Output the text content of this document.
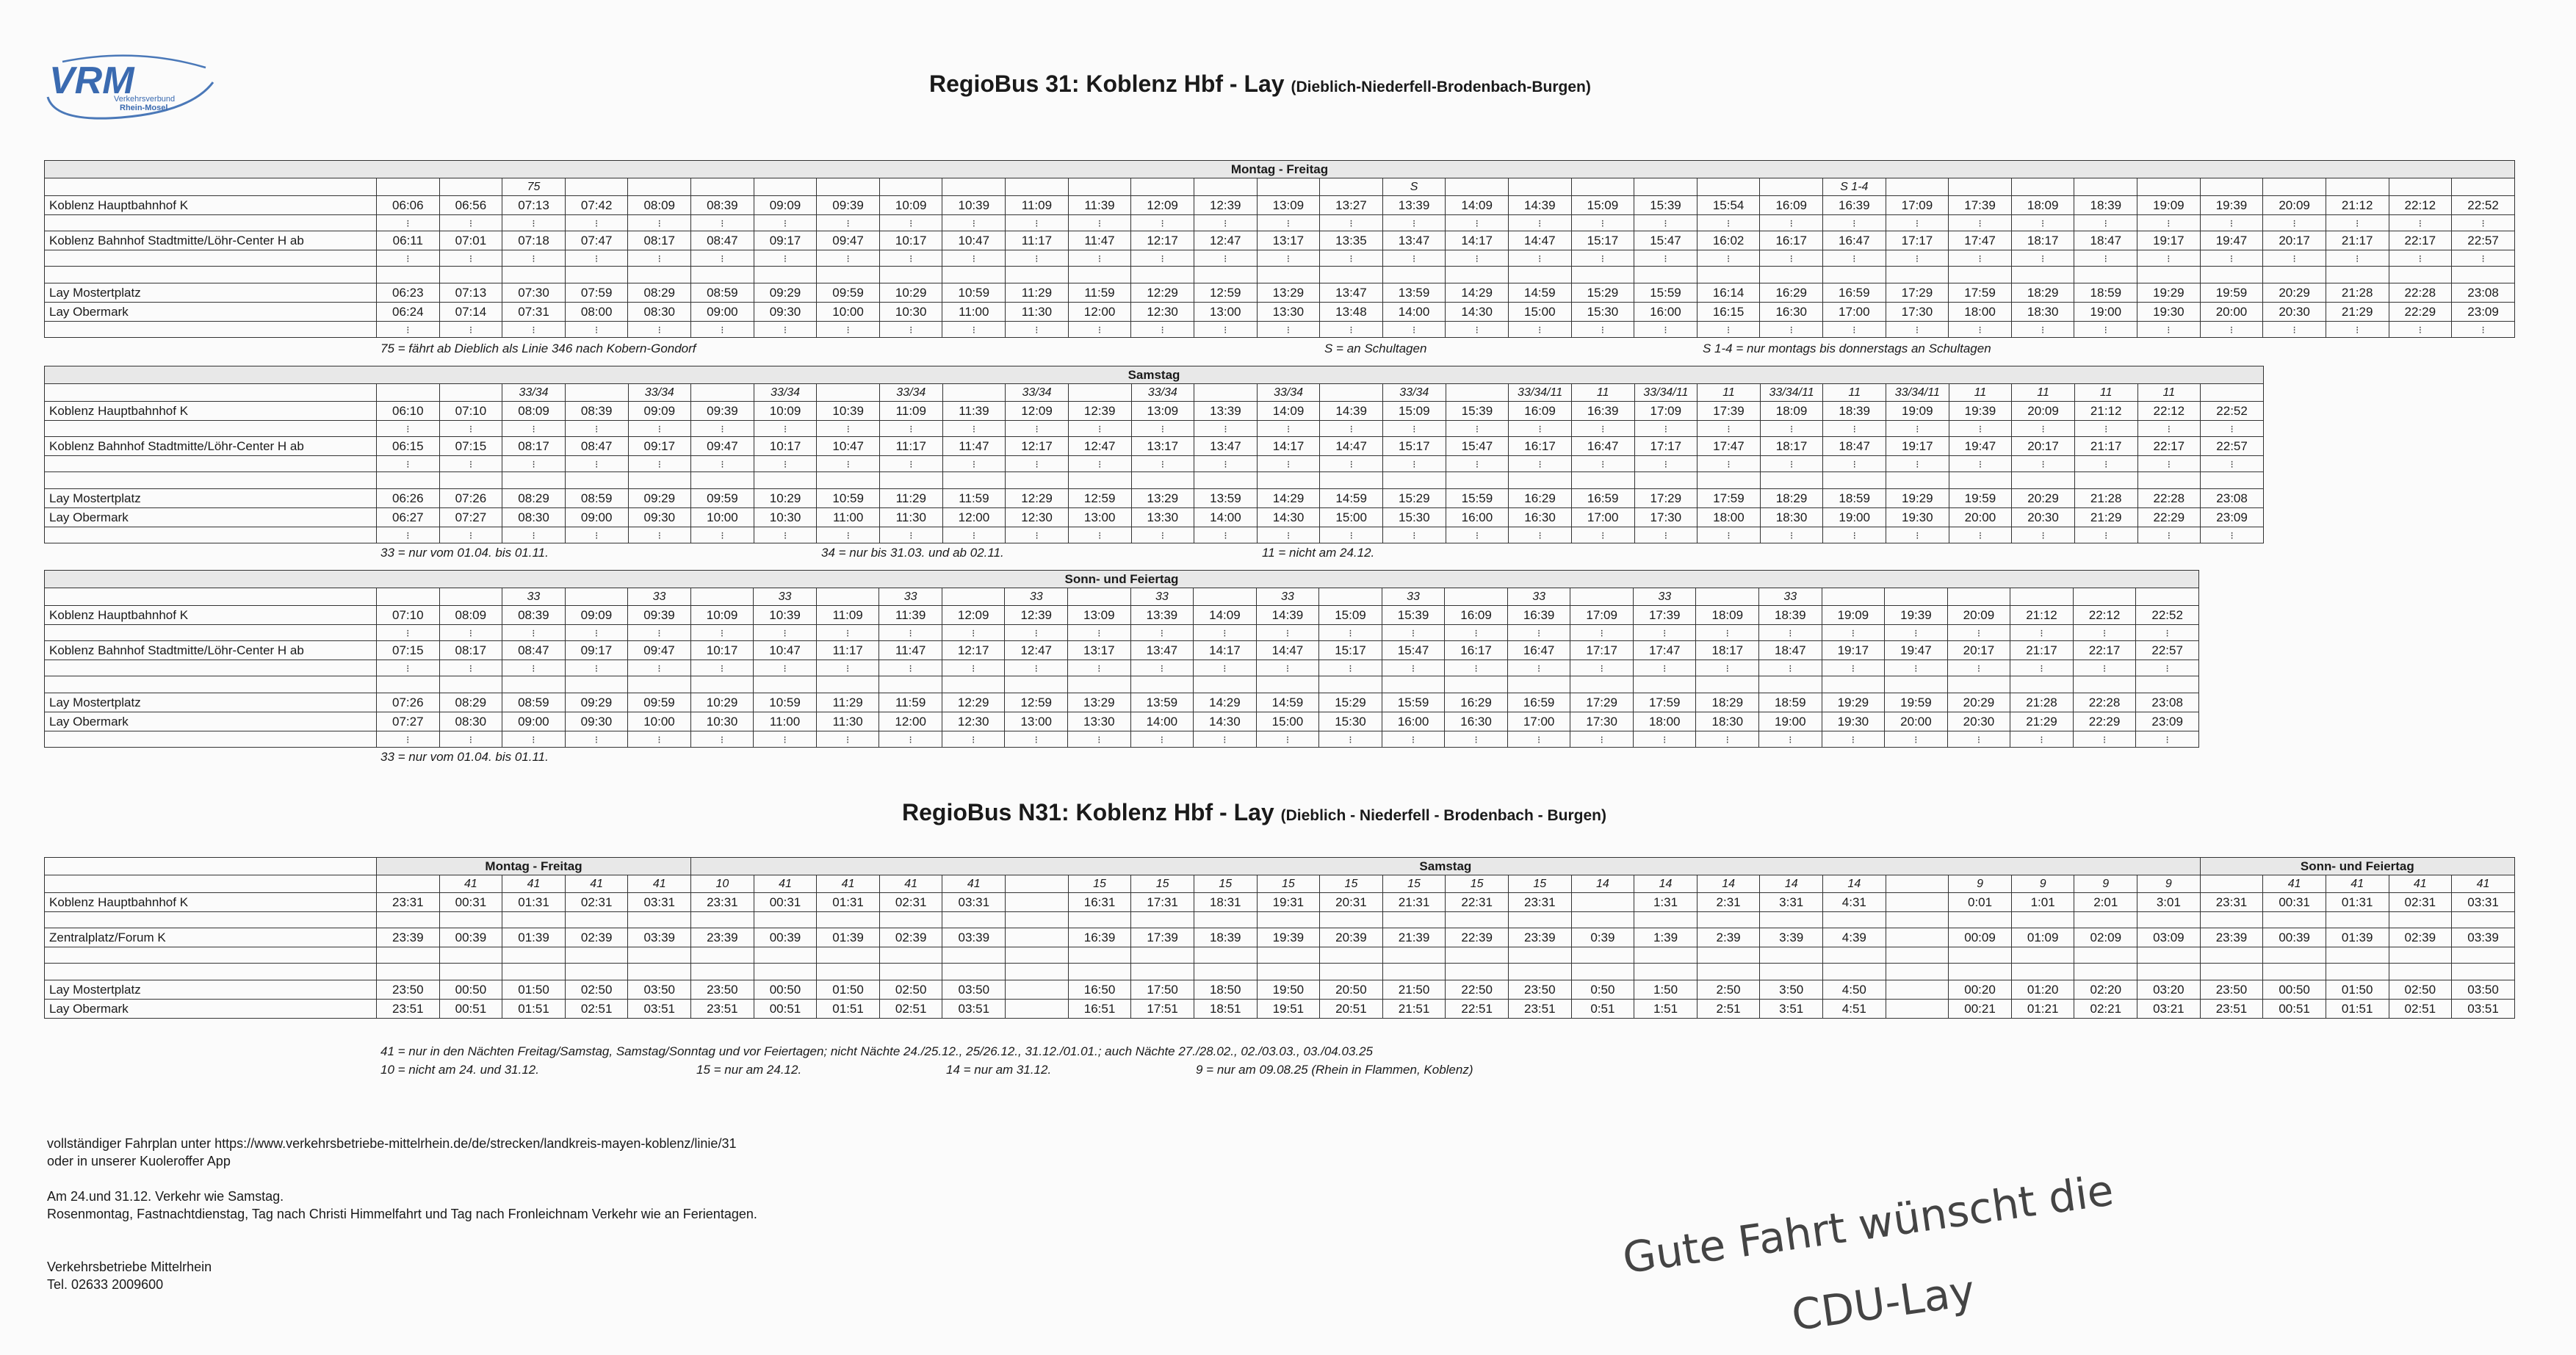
VRM
Verkehrsverbund
Rhein-Mosel
RegioBus 31: Koblenz Hbf - Lay (Dieblich-Niederfell-Brodenbach-Burgen)
Montag - Freitag																																		
			75														S							S 1-4										
Koblenz Hauptbahnhof K	06:06	06:56	07:13	07:42	08:09	08:39	09:09	09:39	10:09	10:39	11:09	11:39	12:09	12:39	13:09	13:27	13:39	14:09	14:39	15:09	15:39	15:54	16:09	16:39	17:09	17:39	18:09	18:39	19:09	19:39	20:09	21:12	22:12	22:52
	⁝	⁝	⁝	⁝	⁝	⁝	⁝	⁝	⁝	⁝	⁝	⁝	⁝	⁝	⁝	⁝	⁝	⁝	⁝	⁝	⁝	⁝	⁝	⁝	⁝	⁝	⁝	⁝	⁝	⁝	⁝	⁝	⁝	⁝
Koblenz Bahnhof Stadtmitte/Löhr-Center H ab	06:11	07:01	07:18	07:47	08:17	08:47	09:17	09:47	10:17	10:47	11:17	11:47	12:17	12:47	13:17	13:35	13:47	14:17	14:47	15:17	15:47	16:02	16:17	16:47	17:17	17:47	18:17	18:47	19:17	19:47	20:17	21:17	22:17	22:57
	⁝	⁝	⁝	⁝	⁝	⁝	⁝	⁝	⁝	⁝	⁝	⁝	⁝	⁝	⁝	⁝	⁝	⁝	⁝	⁝	⁝	⁝	⁝	⁝	⁝	⁝	⁝	⁝	⁝	⁝	⁝	⁝	⁝	⁝

Lay Mostertplatz	06:23	07:13	07:30	07:59	08:29	08:59	09:29	09:59	10:29	10:59	11:29	11:59	12:29	12:59	13:29	13:47	13:59	14:29	14:59	15:29	15:59	16:14	16:29	16:59	17:29	17:59	18:29	18:59	19:29	19:59	20:29	21:28	22:28	23:08
Lay Obermark	06:24	07:14	07:31	08:00	08:30	09:00	09:30	10:00	10:30	11:00	11:30	12:00	12:30	13:00	13:30	13:48	14:00	14:30	15:00	15:30	16:00	16:15	16:30	17:00	17:30	18:00	18:30	19:00	19:30	20:00	20:30	21:29	22:29	23:09
	⁝	⁝	⁝	⁝	⁝	⁝	⁝	⁝	⁝	⁝	⁝	⁝	⁝	⁝	⁝	⁝	⁝	⁝	⁝	⁝	⁝	⁝	⁝	⁝	⁝	⁝	⁝	⁝	⁝	⁝	⁝	⁝	⁝	⁝
75 = fährt ab Dieblich als Linie 346 nach Kobern-Gondorf	S = an Schultagen	S 1-4 = nur montags bis donnerstags an Schultagen
Samstag																														
			33/34		33/34		33/34		33/34		33/34		33/34		33/34		33/34		33/34/11	11	33/34/11	11	33/34/11	11	33/34/11	11	11	11	11	
Koblenz Hauptbahnhof K	06:10	07:10	08:09	08:39	09:09	09:39	10:09	10:39	11:09	11:39	12:09	12:39	13:09	13:39	14:09	14:39	15:09	15:39	16:09	16:39	17:09	17:39	18:09	18:39	19:09	19:39	20:09	21:12	22:12	22:52
	⁝	⁝	⁝	⁝	⁝	⁝	⁝	⁝	⁝	⁝	⁝	⁝	⁝	⁝	⁝	⁝	⁝	⁝	⁝	⁝	⁝	⁝	⁝	⁝	⁝	⁝	⁝	⁝	⁝	⁝
Koblenz Bahnhof Stadtmitte/Löhr-Center H ab	06:15	07:15	08:17	08:47	09:17	09:47	10:17	10:47	11:17	11:47	12:17	12:47	13:17	13:47	14:17	14:47	15:17	15:47	16:17	16:47	17:17	17:47	18:17	18:47	19:17	19:47	20:17	21:17	22:17	22:57
	⁝	⁝	⁝	⁝	⁝	⁝	⁝	⁝	⁝	⁝	⁝	⁝	⁝	⁝	⁝	⁝	⁝	⁝	⁝	⁝	⁝	⁝	⁝	⁝	⁝	⁝	⁝	⁝	⁝	⁝

Lay Mostertplatz	06:26	07:26	08:29	08:59	09:29	09:59	10:29	10:59	11:29	11:59	12:29	12:59	13:29	13:59	14:29	14:59	15:29	15:59	16:29	16:59	17:29	17:59	18:29	18:59	19:29	19:59	20:29	21:28	22:28	23:08
Lay Obermark	06:27	07:27	08:30	09:00	09:30	10:00	10:30	11:00	11:30	12:00	12:30	13:00	13:30	14:00	14:30	15:00	15:30	16:00	16:30	17:00	17:30	18:00	18:30	19:00	19:30	20:00	20:30	21:29	22:29	23:09
	⁝	⁝	⁝	⁝	⁝	⁝	⁝	⁝	⁝	⁝	⁝	⁝	⁝	⁝	⁝	⁝	⁝	⁝	⁝	⁝	⁝	⁝	⁝	⁝	⁝	⁝	⁝	⁝	⁝	⁝
33 = nur vom 01.04. bis 01.11.	34 = nur bis 31.03. und ab 02.11.	11 = nicht am 24.12.
Sonn- und Feiertag																													
			33		33		33		33		33		33		33		33		33		33		33						
Koblenz Hauptbahnhof K	07:10	08:09	08:39	09:09	09:39	10:09	10:39	11:09	11:39	12:09	12:39	13:09	13:39	14:09	14:39	15:09	15:39	16:09	16:39	17:09	17:39	18:09	18:39	19:09	19:39	20:09	21:12	22:12	22:52
	⁝	⁝	⁝	⁝	⁝	⁝	⁝	⁝	⁝	⁝	⁝	⁝	⁝	⁝	⁝	⁝	⁝	⁝	⁝	⁝	⁝	⁝	⁝	⁝	⁝	⁝	⁝	⁝	⁝
Koblenz Bahnhof Stadtmitte/Löhr-Center H ab	07:15	08:17	08:47	09:17	09:47	10:17	10:47	11:17	11:47	12:17	12:47	13:17	13:47	14:17	14:47	15:17	15:47	16:17	16:47	17:17	17:47	18:17	18:47	19:17	19:47	20:17	21:17	22:17	22:57
	⁝	⁝	⁝	⁝	⁝	⁝	⁝	⁝	⁝	⁝	⁝	⁝	⁝	⁝	⁝	⁝	⁝	⁝	⁝	⁝	⁝	⁝	⁝	⁝	⁝	⁝	⁝	⁝	⁝

Lay Mostertplatz	07:26	08:29	08:59	09:29	09:59	10:29	10:59	11:29	11:59	12:29	12:59	13:29	13:59	14:29	14:59	15:29	15:59	16:29	16:59	17:29	17:59	18:29	18:59	19:29	19:59	20:29	21:28	22:28	23:08
Lay Obermark	07:27	08:30	09:00	09:30	10:00	10:30	11:00	11:30	12:00	12:30	13:00	13:30	14:00	14:30	15:00	15:30	16:00	16:30	17:00	17:30	18:00	18:30	19:00	19:30	20:00	20:30	21:29	22:29	23:09
	⁝	⁝	⁝	⁝	⁝	⁝	⁝	⁝	⁝	⁝	⁝	⁝	⁝	⁝	⁝	⁝	⁝	⁝	⁝	⁝	⁝	⁝	⁝	⁝	⁝	⁝	⁝	⁝	⁝
33 = nur vom 01.04. bis 01.11.
RegioBus N31: Koblenz Hbf - Lay (Dieblich - Niederfell - Brodenbach - Burgen)
	Montag - Freitag					Samstag																								Sonn- und Feiertag				
		41	41	41	41	10	41	41	41	41		15	15	15	15	15	15	15	15	14	14	14	14	14		9	9	9	9		41	41	41	41
Koblenz Hauptbahnhof K	23:31	00:31	01:31	02:31	03:31	23:31	00:31	01:31	02:31	03:31		16:31	17:31	18:31	19:31	20:31	21:31	22:31	23:31		1:31	2:31	3:31	4:31		0:01	1:01	2:01	3:01	23:31	00:31	01:31	02:31	03:31

Zentralplatz/Forum K	23:39	00:39	01:39	02:39	03:39	23:39	00:39	01:39	02:39	03:39		16:39	17:39	18:39	19:39	20:39	21:39	22:39	23:39	0:39	1:39	2:39	3:39	4:39		00:09	01:09	02:09	03:09	23:39	00:39	01:39	02:39	03:39

Lay Mostertplatz	23:50	00:50	01:50	02:50	03:50	23:50	00:50	01:50	02:50	03:50		16:50	17:50	18:50	19:50	20:50	21:50	22:50	23:50	0:50	1:50	2:50	3:50	4:50		00:20	01:20	02:20	03:20	23:50	00:50	01:50	02:50	03:50
Lay Obermark	23:51	00:51	01:51	02:51	03:51	23:51	00:51	01:51	02:51	03:51		16:51	17:51	18:51	19:51	20:51	21:51	22:51	23:51	0:51	1:51	2:51	3:51	4:51		00:21	01:21	02:21	03:21	23:51	00:51	01:51	02:51	03:51
41 = nur in den Nächten Freitag/Samstag, Samstag/Sonntag und vor Feiertagen; nicht Nächte 24./25.12., 25/26.12., 31.12./01.01.; auch Nächte 27./28.02., 02./03.03., 03./04.03.25
10 = nicht am 24. und 31.12.	15 = nur am 24.12.	14 = nur am 31.12.	9 = nur am 09.08.25 (Rhein in Flammen, Koblenz)
vollständiger Fahrplan unter https://www.verkehrsbetriebe-mittelrhein.de/de/strecken/landkreis-mayen-koblenz/linie/31
oder in unserer Kuoleroffer App
Am 24.und 31.12. Verkehr wie Samstag.
Rosenmontag, Fastnachtdienstag, Tag nach Christi Himmelfahrt und Tag nach Fronleichnam Verkehr wie an Ferientagen.
Verkehrsbetriebe Mittelrhein
Tel. 02633 2009600
Gute Fahrt wünscht die
CDU-Lay
